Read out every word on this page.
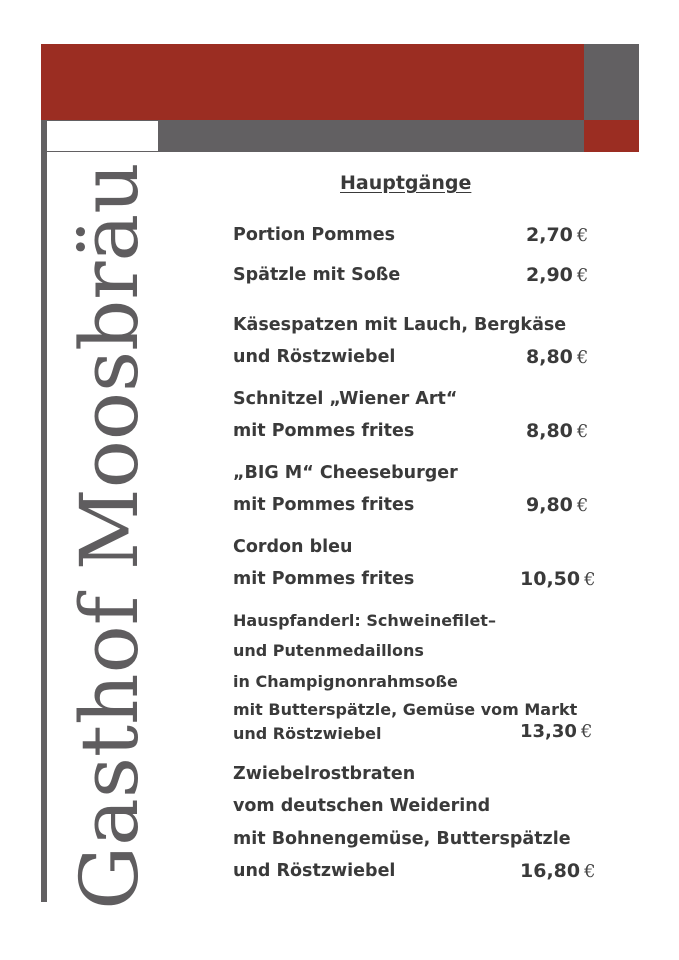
Gasthof Moosbräu	Hauptgänge
Portion Pommes	2,70 €
Spätzle mit Soße	2,90 €
Käsespatzen mit Lauch, Bergkäse
und Röstzwiebel	8,80 €
Schnitzel „Wiener Art“
mit Pommes frites	8,80 €
„BIG M“ Cheeseburger
mit Pommes frites	9,80 €
Cordon bleu
mit Pommes frites	10,50 €
Hauspfanderl: Schweinefilet–
und Putenmedaillons
in Champignonrahmsoße
mit Butterspätzle, Gemüse vom Markt
und Röstzwiebel	13,30 €
Zwiebelrostbraten
vom deutschen Weiderind
mit Bohnengemüse, Butterspätzle
und Röstzwiebel	16,80 €
